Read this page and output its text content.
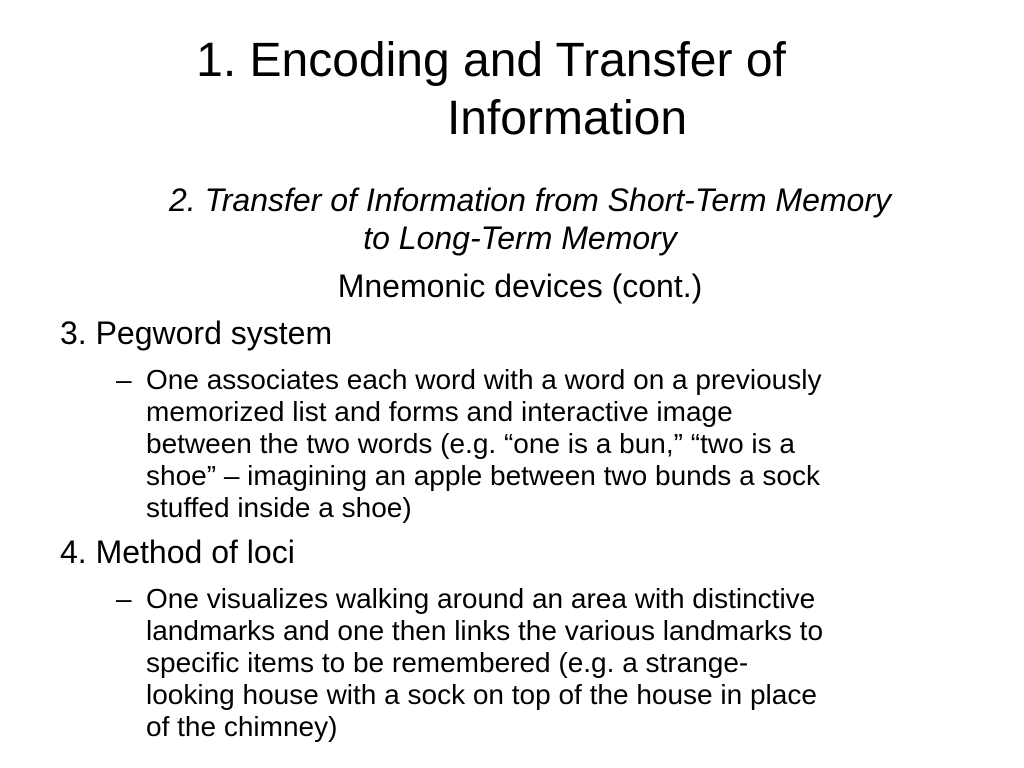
1. Encoding and Transfer of
Information
2. Transfer of Information from Short-Term Memory
to Long-Term Memory
Mnemonic devices (cont.)
3. Pegword system
– One associates each word with a word on a previously
memorized list and forms and interactive image
between the two words (e.g. “one is a bun,” “two is a
shoe” – imagining an apple between two bunds a sock
stuffed inside a shoe)
4. Method of loci
– One visualizes walking around an area with distinctive
landmarks and one then links the various landmarks to
specific items to be remembered (e.g. a strange-
looking house with a sock on top of the house in place
of the chimney)
